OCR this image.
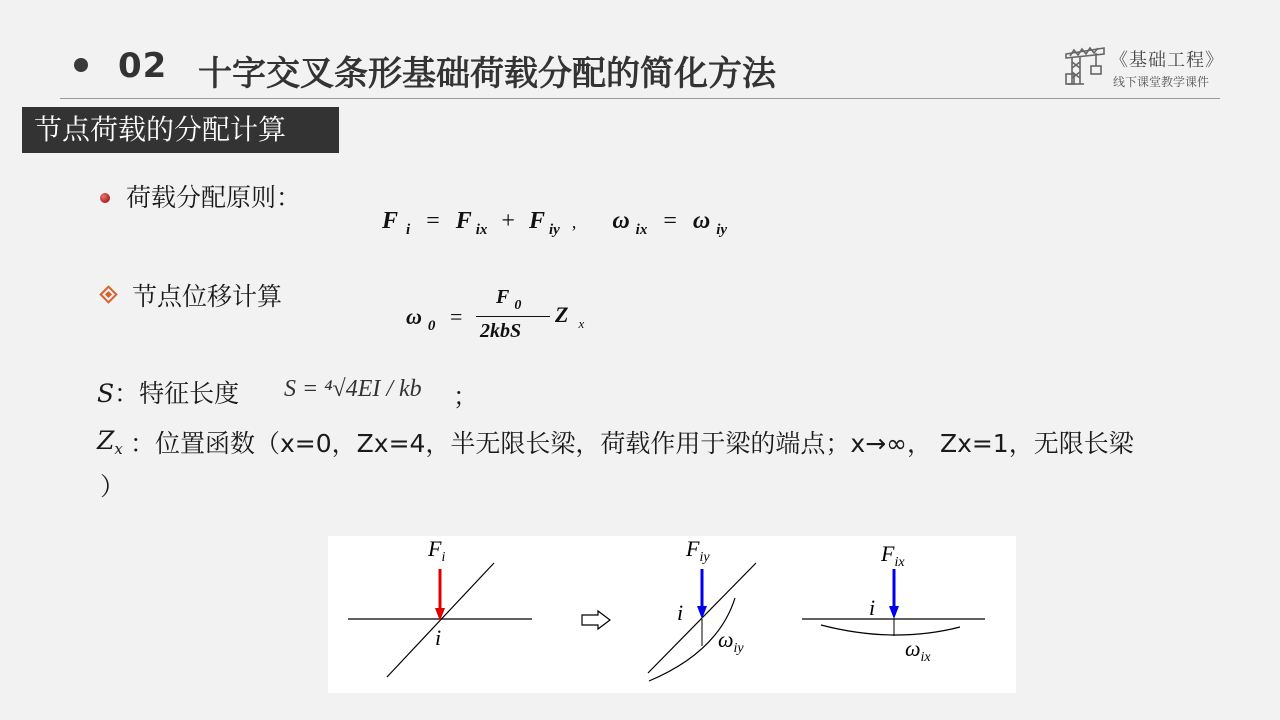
02 十字交叉条形基础荷载分配的简化方法	《基础工程》
线下课堂教学课件
节点荷载的分配计算
荷载分配原则：
F $_i$ = F $_{ix}$ + F $_{iy}$ , ω $_{ix}$ = ω $_{iy}$
节点位移计算
ω $_0$ =
F $_0$
2kbS
Z $_x$
S：特征长度 S = ⁴√4EI / kb ；
$Z_x$ ：位置函数（x=0，Zx=4，半无限长梁，荷载作用于梁的端点；x→∞， Zx=1，无限长梁
）
$F_i$
i
$F_{iy}$
i
$\omega_{iy}$
$F_{ix}$
i
$\omega_{ix}$
